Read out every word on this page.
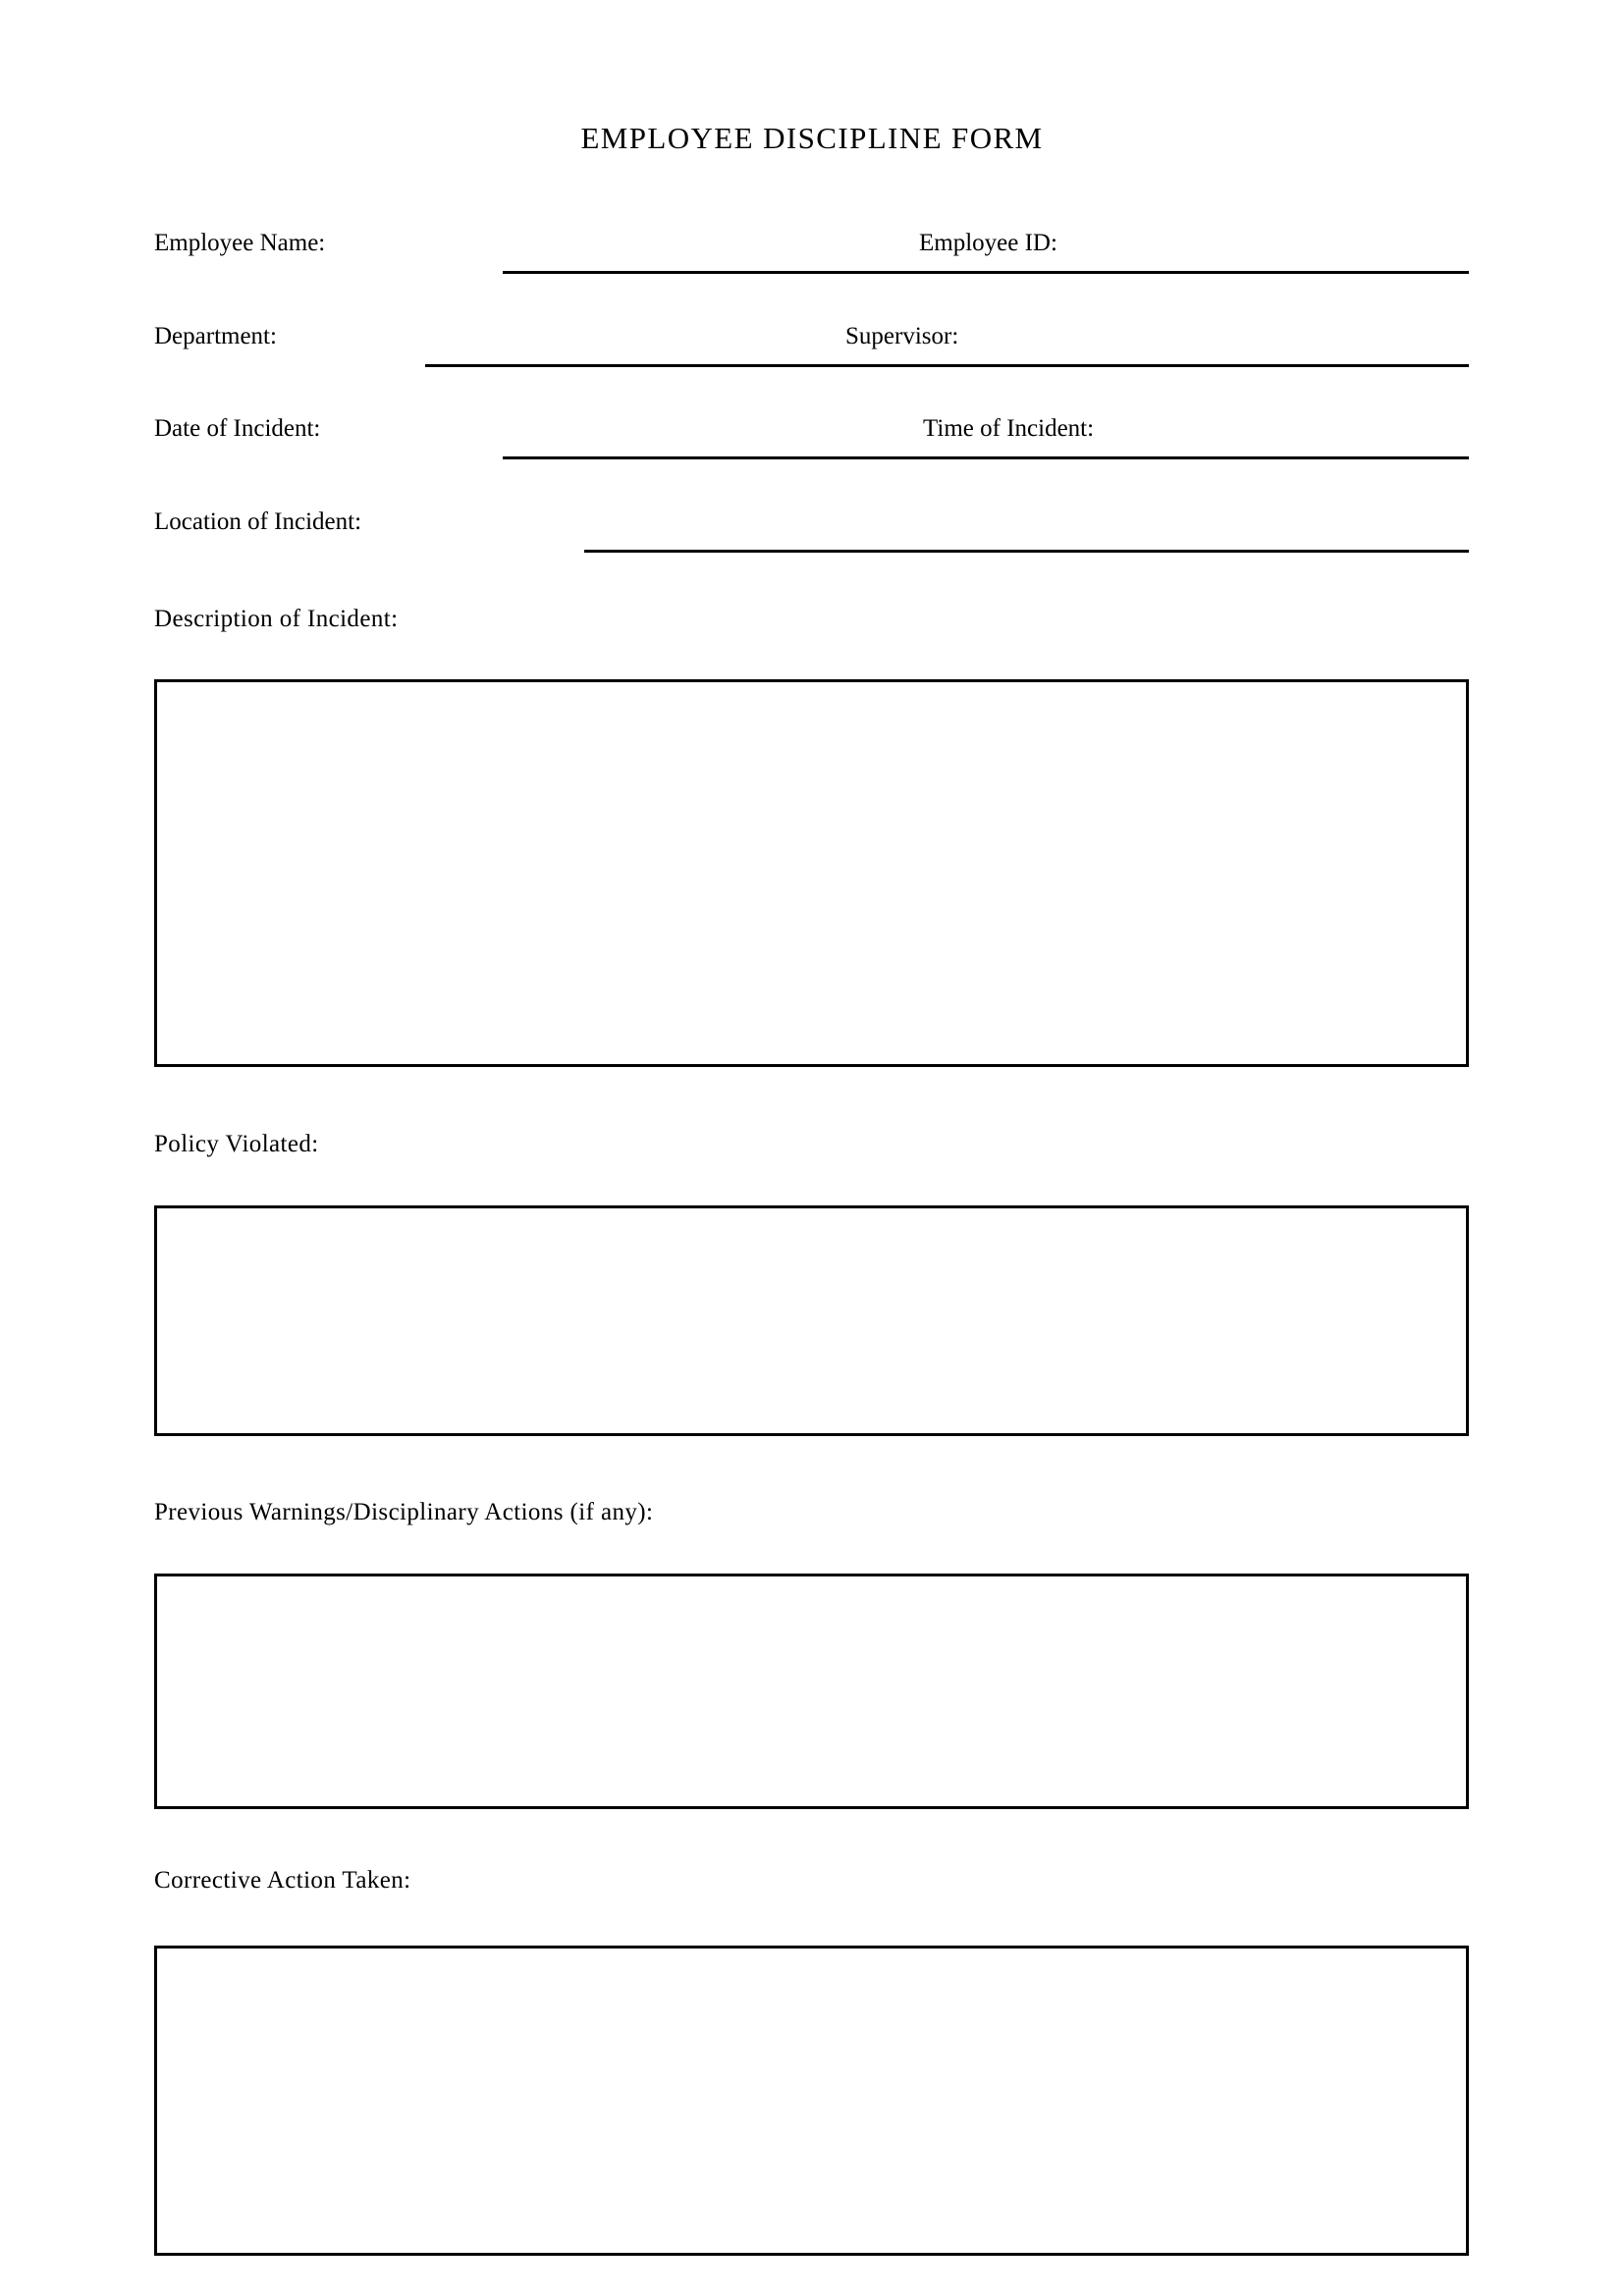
EMPLOYEE DISCIPLINE FORM
Employee Name:	Employee ID:
Department:	Supervisor:
Date of Incident:	Time of Incident:
Location of Incident:
Description of Incident:
Policy Violated:
Previous Warnings/Disciplinary Actions (if any):
Corrective Action Taken:
